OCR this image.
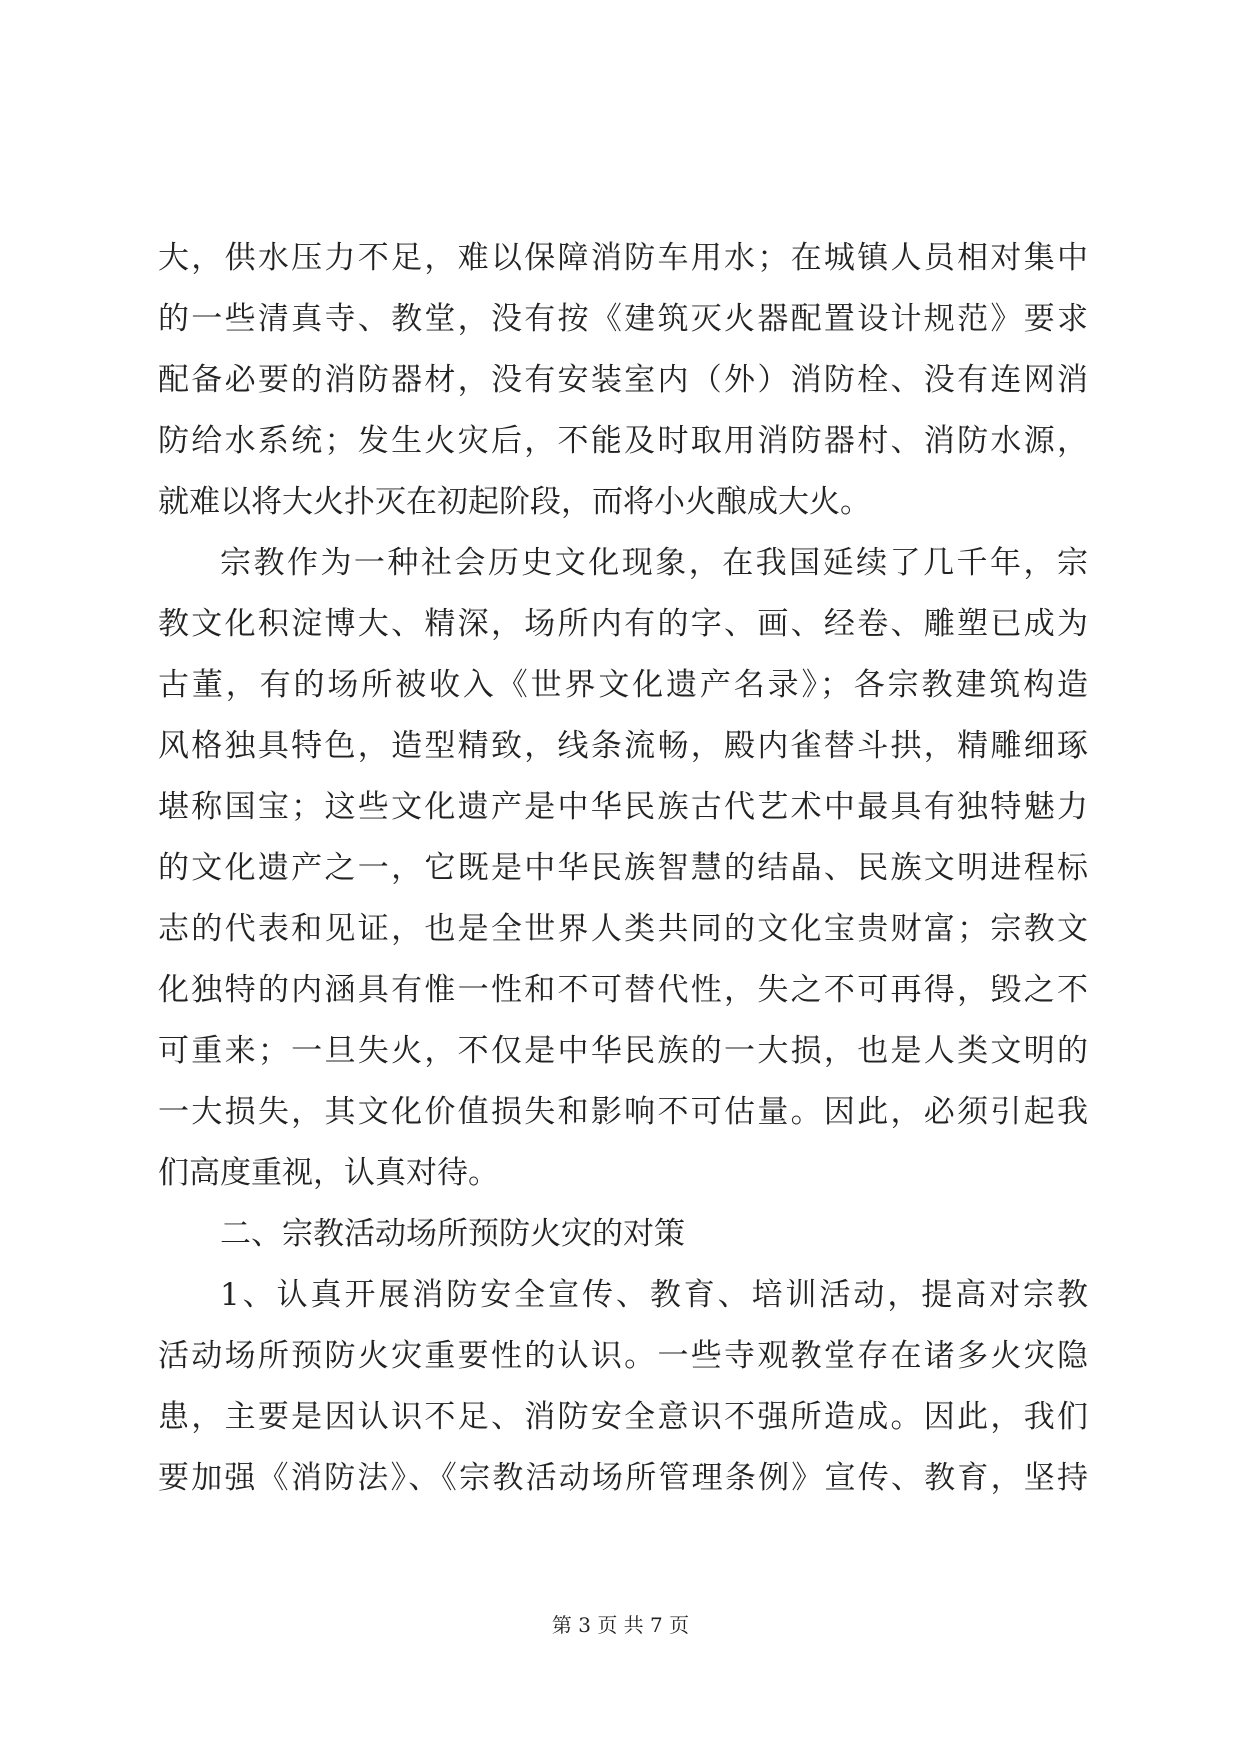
大，供水压力不足，难以保障消防车用水；在城镇人员相对集中
的一些清真寺、教堂，没有按《建筑灭火器配置设计规范》要求
配备必要的消防器材，没有安装室内（外）消防栓、没有连网消
防给水系统；发生火灾后，不能及时取用消防器村、消防水源，
就难以将大火扑灭在初起阶段，而将小火酿成大火。
宗教作为一种社会历史文化现象，在我国延续了几千年，宗
教文化积淀博大、精深，场所内有的字、画、经卷、雕塑已成为
古董，有的场所被收入《世界文化遗产名录》；各宗教建筑构造
风格独具特色，造型精致，线条流畅，殿内雀替斗拱，精雕细琢
堪称国宝；这些文化遗产是中华民族古代艺术中最具有独特魅力
的文化遗产之一，它既是中华民族智慧的结晶、民族文明进程标
志的代表和见证，也是全世界人类共同的文化宝贵财富；宗教文
化独特的内涵具有惟一性和不可替代性，失之不可再得，毁之不
可重来；一旦失火，不仅是中华民族的一大损，也是人类文明的
一大损失，其文化价值损失和影响不可估量。因此，必须引起我
们高度重视，认真对待。
二、宗教活动场所预防火灾的对策
1、认真开展消防安全宣传、教育、培训活动，提高对宗教
活动场所预防火灾重要性的认识。一些寺观教堂存在诸多火灾隐
患，主要是因认识不足、消防安全意识不强所造成。因此，我们
要加强《消防法》、《宗教活动场所管理条例》宣传、教育，坚持
第 3 页 共 7 页
